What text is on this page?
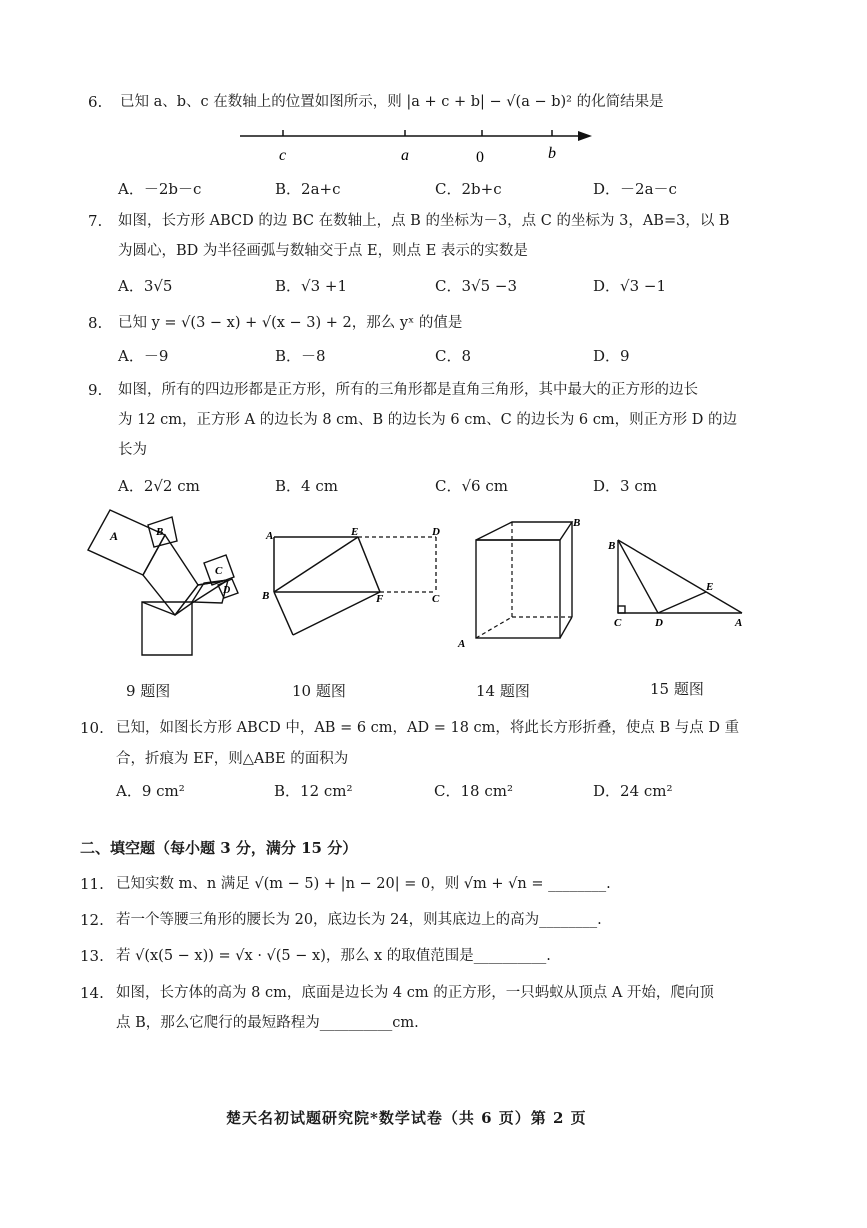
6. 已知 a、b、c 在数轴上的位置如图所示，则 |a + c + b| − √(a − b)² 的化简结果是
c	a	0	b
A．－2b－c	B．2a+c	C．2b+c	D．－2a－c
7. 如图，长方形 ABCD 的边 BC 在数轴上，点 B 的坐标为－3，点 C 的坐标为 3，AB=3，以 B
为圆心，BD 为半径画弧与数轴交于点 E，则点 E 表示的实数是
A．3√5	B．√3 +1	C．3√5 −3	D．√3 −1
8. 已知 y = √(3 − x) + √(x − 3) + 2，那么 yˣ 的值是
A．－9	B．－8	C．8	D．9
9. 如图，所有的四边形都是正方形，所有的三角形都是直角三角形，其中最大的正方形的边长
为 12 cm，正方形 A 的边长为 8 cm、B 的边长为 6 cm、C 的边长为 6 cm，则正方形 D 的边
长为
A．2√2 cm	B．4 cm	C．√6 cm	D．3 cm
A	B
C
D
A	E	D
B	F	C
B
A
B
E
C	D	A
9 题图	10 题图	14 题图	15 题图
10. 已知，如图长方形 ABCD 中，AB = 6 cm，AD = 18 cm，将此长方形折叠，使点 B 与点 D 重
合，折痕为 EF，则△ABE 的面积为
A．9 cm²	B．12 cm²	C．18 cm²	D．24 cm²
二、填空题（每小题 3 分，满分 15 分）
11. 已知实数 m、n 满足 √(m − 5) + |n − 20| = 0，则 √m + √n = ________.
12. 若一个等腰三角形的腰长为 20，底边长为 24，则其底边上的高为________.
13. 若 √(x(5 − x)) = √x · √(5 − x)，那么 x 的取值范围是__________.
14. 如图，长方体的高为 8 cm，底面是边长为 4 cm 的正方形，一只蚂蚁从顶点 A 开始，爬向顶
点 B，那么它爬行的最短路程为__________cm.
楚天名初试题研究院*数学试卷（共 6 页）第 2 页
